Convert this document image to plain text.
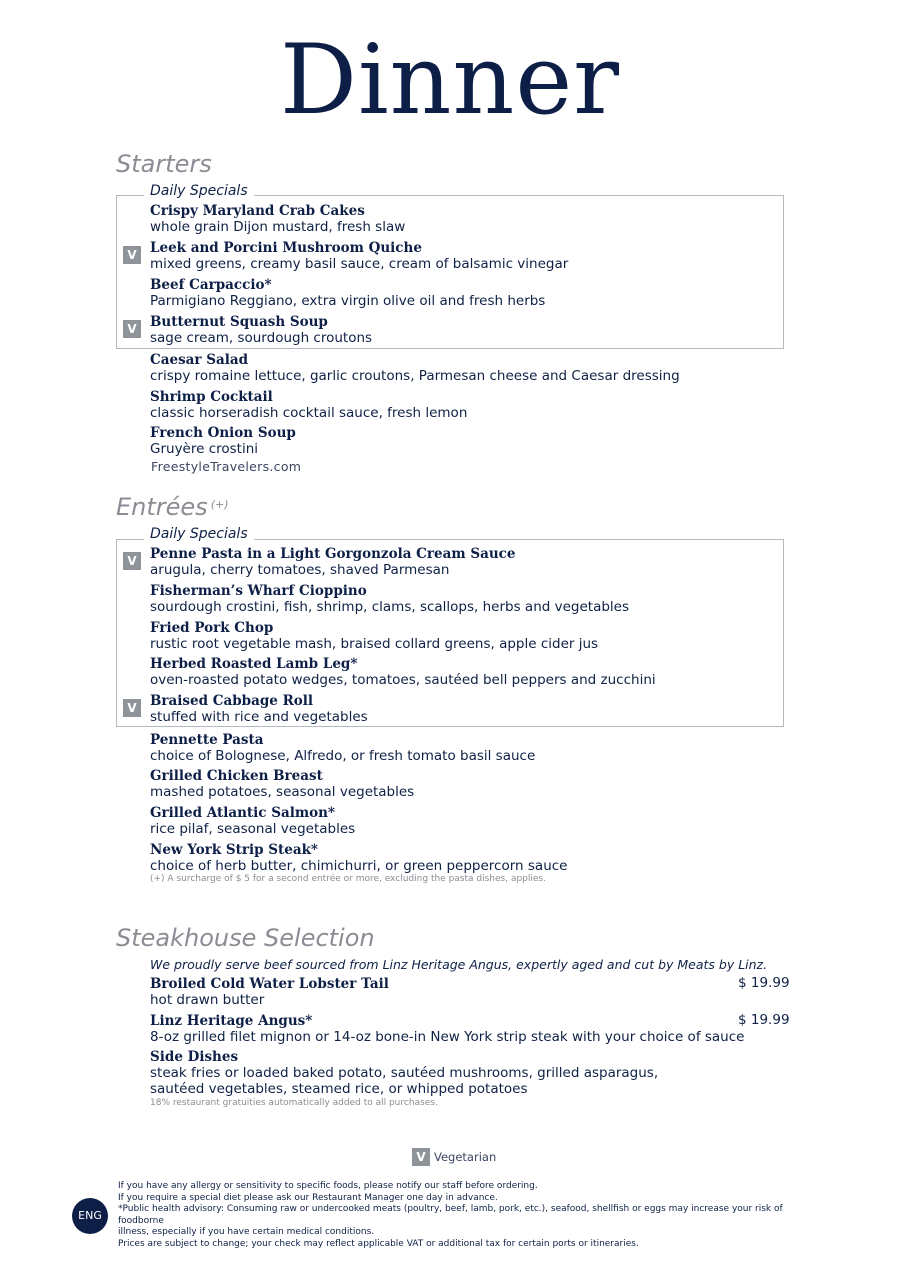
Dinner
Starters
Daily Specials
Crispy Maryland Crab Cakes
whole grain Dijon mustard, fresh slaw
V Leek and Porcini Mushroom Quiche
mixed greens, creamy basil sauce, cream of balsamic vinegar
Beef Carpaccio*
Parmigiano Reggiano, extra virgin olive oil and fresh herbs
V Butternut Squash Soup
sage cream, sourdough croutons
Caesar Salad
crispy romaine lettuce, garlic croutons, Parmesan cheese and Caesar dressing
Shrimp Cocktail
classic horseradish cocktail sauce, fresh lemon
French Onion Soup
Gruyère crostini
FreestyleTravelers.com
Entrées (+)
Daily Specials
V Penne Pasta in a Light Gorgonzola Cream Sauce
arugula, cherry tomatoes, shaved Parmesan
Fisherman’s Wharf Cioppino
sourdough crostini, fish, shrimp, clams, scallops, herbs and vegetables
Fried Pork Chop
rustic root vegetable mash, braised collard greens, apple cider jus
Herbed Roasted Lamb Leg*
oven-roasted potato wedges, tomatoes, sautéed bell peppers and zucchini
V Braised Cabbage Roll
stuffed with rice and vegetables
Pennette Pasta
choice of Bolognese, Alfredo, or fresh tomato basil sauce
Grilled Chicken Breast
mashed potatoes, seasonal vegetables
Grilled Atlantic Salmon*
rice pilaf, seasonal vegetables
New York Strip Steak*
choice of herb butter, chimichurri, or green peppercorn sauce
(+) A surcharge of $ 5 for a second entrée or more, excluding the pasta dishes, applies.
Steakhouse Selection
We proudly serve beef sourced from Linz Heritage Angus, expertly aged and cut by Meats by Linz.
Broiled Cold Water Lobster Tail
hot drawn butter
$ 19.99
Linz Heritage Angus*
8-oz grilled filet mignon or 14-oz bone-in New York strip steak with your choice of sauce
$ 19.99
Side Dishes
steak fries or loaded baked potato, sautéed mushrooms, grilled asparagus,
sautéed vegetables, steamed rice, or whipped potatoes
18% restaurant gratuities automatically added to all purchases.
V Vegetarian
ENG
If you have any allergy or sensitivity to specific foods, please notify our staff before ordering.
If you require a special diet please ask our Restaurant Manager one day in advance.
*Public health advisory: Consuming raw or undercooked meats (poultry, beef, lamb, pork, etc.), seafood, shellfish or eggs may increase your risk of foodborne
illness, especially if you have certain medical conditions.
Prices are subject to change; your check may reflect applicable VAT or additional tax for certain ports or itineraries.
